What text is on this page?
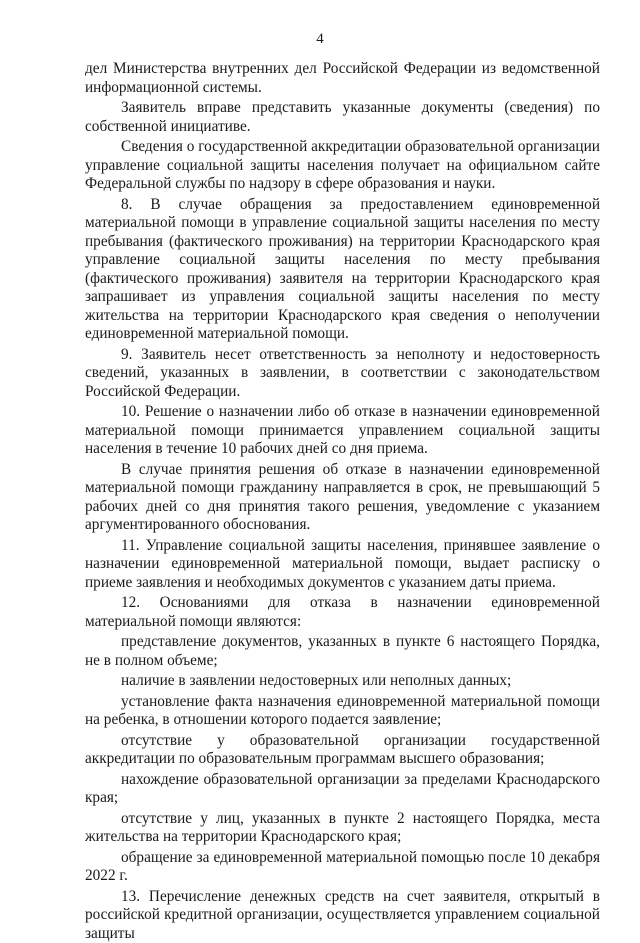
4

дел Министерства внутренних дел Российской Федерации из ведомственной информационной системы.

Заявитель вправе представить указанные документы (сведения) по собственной инициативе.

Сведения о государственной аккредитации образовательной организации управление социальной защиты населения получает на официальном сайте Федеральной службы по надзору в сфере образования и науки.

8. В случае обращения за предоставлением единовременной материальной помощи в управление социальной защиты населения по месту пребывания (фактического проживания) на территории Краснодарского края управление социальной защиты населения по месту пребывания (фактического проживания) заявителя на территории Краснодарского края запрашивает из управления социальной защиты населения по месту жительства на территории Краснодарского края сведения о неполучении единовременной материальной помощи.

9. Заявитель несет ответственность за неполноту и недостоверность сведений, указанных в заявлении, в соответствии с законодательством Российской Федерации.

10. Решение о назначении либо об отказе в назначении единовременной материальной помощи принимается управлением социальной защиты населения в течение 10 рабочих дней со дня приема.

В случае принятия решения об отказе в назначении единовременной материальной помощи гражданину направляется в срок, не превышающий 5 рабочих дней со дня принятия такого решения, уведомление с указанием аргументированного обоснования.

11. Управление социальной защиты населения, принявшее заявление о назначении единовременной материальной помощи, выдает расписку о приеме заявления и необходимых документов с указанием даты приема.

12. Основаниями для отказа в назначении единовременной материальной помощи являются:

представление документов, указанных в пункте 6 настоящего Порядка, не в полном объеме;

наличие в заявлении недостоверных или неполных данных;

установление факта назначения единовременной материальной помощи на ребенка, в отношении которого подается заявление;

отсутствие у образовательной организации государственной аккредитации по образовательным программам высшего образования;

нахождение образовательной организации за пределами Краснодарского края;

отсутствие у лиц, указанных в пункте 2 настоящего Порядка, места жительства на территории Краснодарского края;

обращение за единовременной материальной помощью после 10 декабря 2022 г.

13. Перечисление денежных средств на счет заявителя, открытый в российской кредитной организации, осуществляется управлением социальной защиты
